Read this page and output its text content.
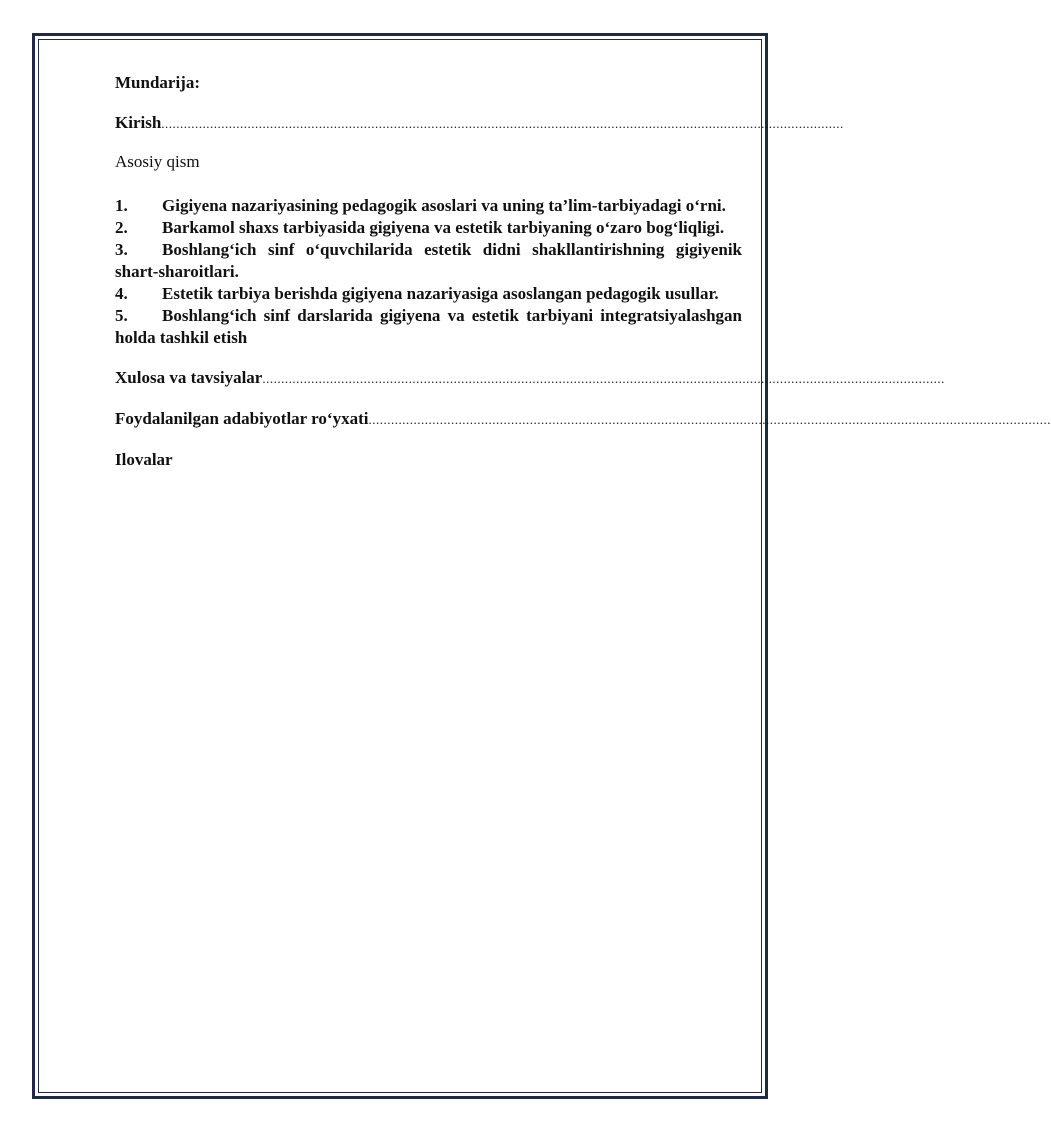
Mundarija:
Kirish ......................................................................................................................................................................................
Asosiy qism
1. Gigiyena nazariyasining pedagogik asoslari va uning ta’lim-tarbiyadagi o‘rni.
2. Barkamol shaxs tarbiyasida gigiyena va estetik tarbiyaning o‘zaro bog‘liqligi.
3. Boshlang‘ich sinf o‘quvchilarida estetik didni shakllantirishning gigiyenik shart-sharoitlari.
4. Estetik tarbiya berishda gigiyena nazariyasiga asoslangan pedagogik usullar.
5. Boshlang‘ich sinf darslarida gigiyena va estetik tarbiyani integratsiyalashgan holda tashkil etish
Xulosa va tavsiyalar ......................................................................................................................................................................................
Foydalanilgan adabiyotlar ro‘yxati ......................................................................................................................................................................................
Ilovalar
